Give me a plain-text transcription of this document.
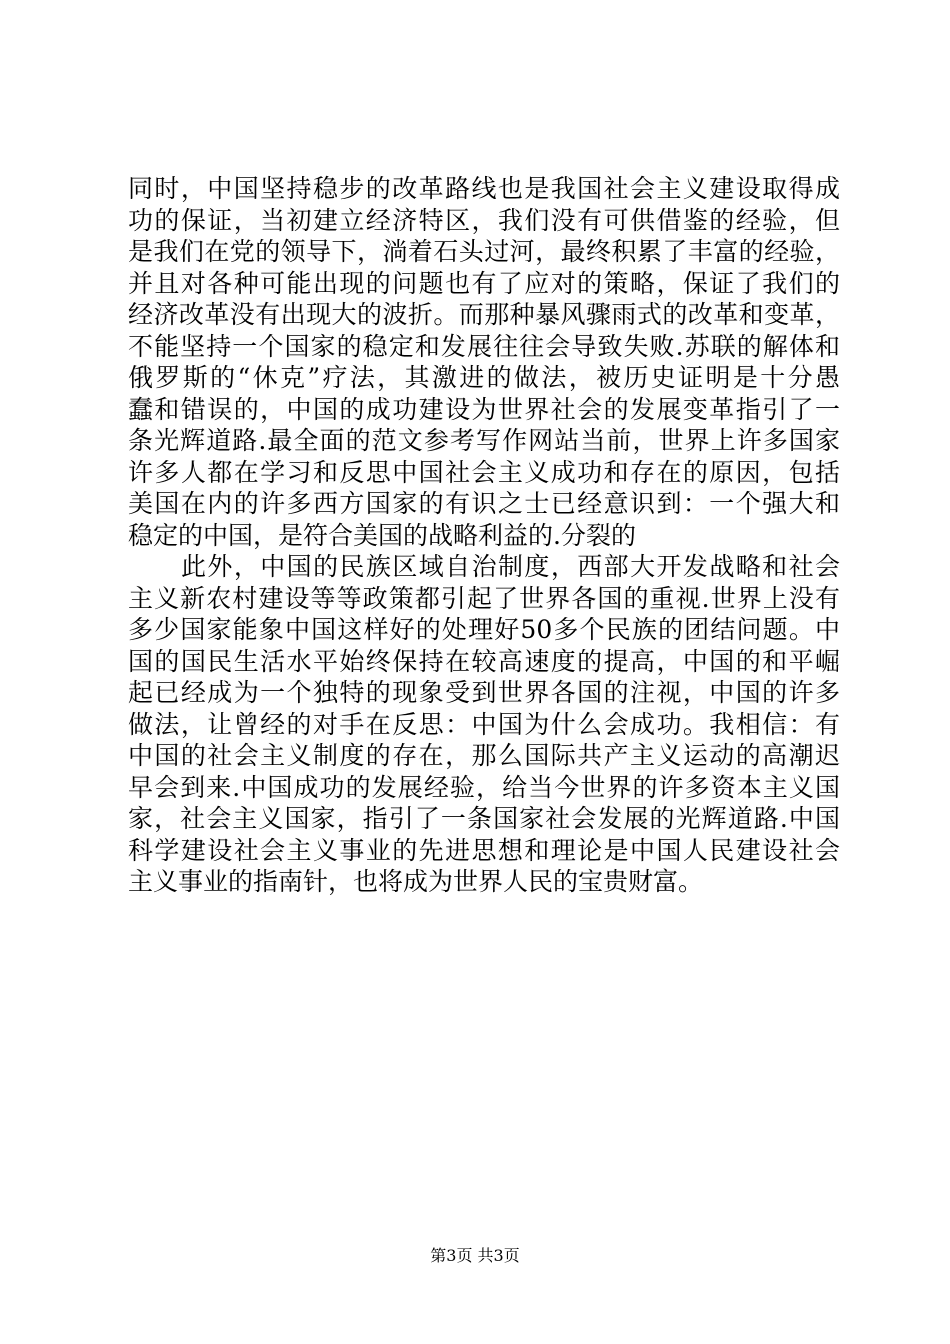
同时，中国坚持稳步的改革路线也是我国社会主义建设取得成
功的保证，当初建立经济特区，我们没有可供借鉴的经验，但
是我们在党的领导下，淌着石头过河，最终积累了丰富的经验，
并且对各种可能出现的问题也有了应对的策略，保证了我们的
经济改革没有出现大的波折。而那种暴风骤雨式的改革和变革，
不能坚持一个国家的稳定和发展往往会导致失败.苏联的解体和
俄罗斯的“休克”疗法，其激进的做法，被历史证明是十分愚
蠢和错误的，中国的成功建设为世界社会的发展变革指引了一
条光辉道路.最全面的范文参考写作网站当前，世界上许多国家
许多人都在学习和反思中国社会主义成功和存在的原因，包括
美国在内的许多西方国家的有识之士已经意识到：一个强大和
稳定的中国，是符合美国的战略利益的.分裂的
此外，中国的民族区域自治制度，西部大开发战略和社会
主义新农村建设等等政策都引起了世界各国的重视.世界上没有
多少国家能象中国这样好的处理好50多个民族的团结问题。中
国的国民生活水平始终保持在较高速度的提高，中国的和平崛
起已经成为一个独特的现象受到世界各国的注视，中国的许多
做法，让曾经的对手在反思：中国为什么会成功。我相信：有
中国的社会主义制度的存在，那么国际共产主义运动的高潮迟
早会到来.中国成功的发展经验，给当今世界的许多资本主义国
家，社会主义国家，指引了一条国家社会发展的光辉道路.中国
科学建设社会主义事业的先进思想和理论是中国人民建设社会
主义事业的指南针，也将成为世界人民的宝贵财富。
第3页 共3页
